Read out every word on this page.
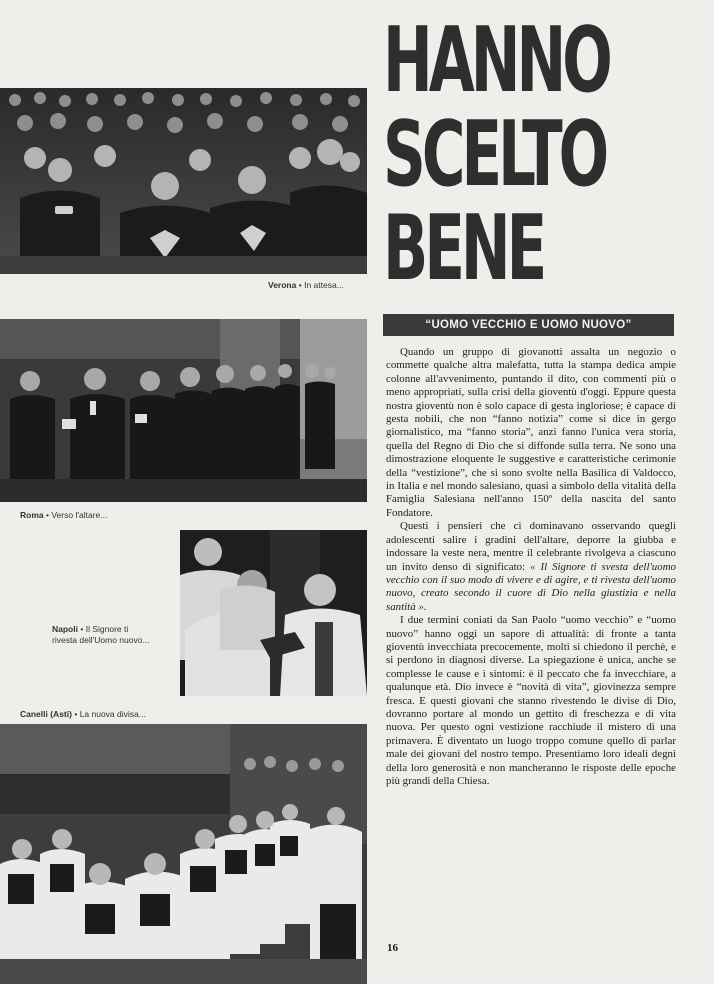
Verona • In attesa...
Roma • Verso l'altare...
Napoli • Il Signore ti
rivesta dell'Uomo nuovo...
Canelli (Asti) • La nuova divisa...
HANNO
SCELTO
BENE
“UOMO VECCHIO E UOMO NUOVO”

Quando un gruppo di giovanotti assalta un negozio o commette qualche altra malefatta, tutta la stampa dedica ampie colonne all'avvenimento, puntando il dito, con commenti più o meno appropriati, sulla crisi della gioventù d'oggi. Eppure questa nostra gioventù non è solo capace di gesta ingloriose; è capace di gesta nobili, che non “fanno notizia” come si dice in gergo giornalistico, ma “fanno storia”, anzi fanno l'unica vera storia, quella del Regno di Dio che si diffonde sulla terra. Ne sono una dimostrazione eloquente le suggestive e caratteristiche cerimonie della “vestizione”, che si sono svolte nella Basilica di Valdocco, in Italia e nel mondo salesiano, quasi a simbolo della vitalità della Famiglia Salesiana nell'anno 150º della nascita del santo Fondatore.

Questi i pensieri che ci dominavano osservando quegli adolescenti salire i gradini dell'altare, deporre la giubba e indossare la veste nera, mentre il celebrante rivolgeva a ciascuno un invito denso di significato: « Il Signore ti svesta dell'uomo vecchio con il suo modo di vivere e di agire, e ti rivesta dell'uomo nuovo, creato secondo il cuore di Dio nella giustizia e nella santità ».

I due termini coniati da San Paolo “uomo vecchio” e “uomo nuovo” hanno oggi un sapore di attualità: di fronte a tanta gioventù invecchiata precocemente, molti si chiedono il perchè, e si perdono in diagnosi diverse. La spiegazione è unica, anche se complesse le cause e i sintomi: è il peccato che fa invecchiare, a qualunque età. Dio invece è “novità di vita”, giovinezza sempre fresca. E questi giovani che stanno rivestendo le divise di Dio, dovranno portare al mondo un gettito di freschezza e di vita nuova. Per questo ogni vestizione racchiude il mistero di una primavera. È diventato un luogo troppo comune quello di parlar male dei giovani del nostro tempo. Presentiamo loro ideali degni della loro generosità e non mancheranno le risposte delle epoche più grandi della Chiesa.

16
